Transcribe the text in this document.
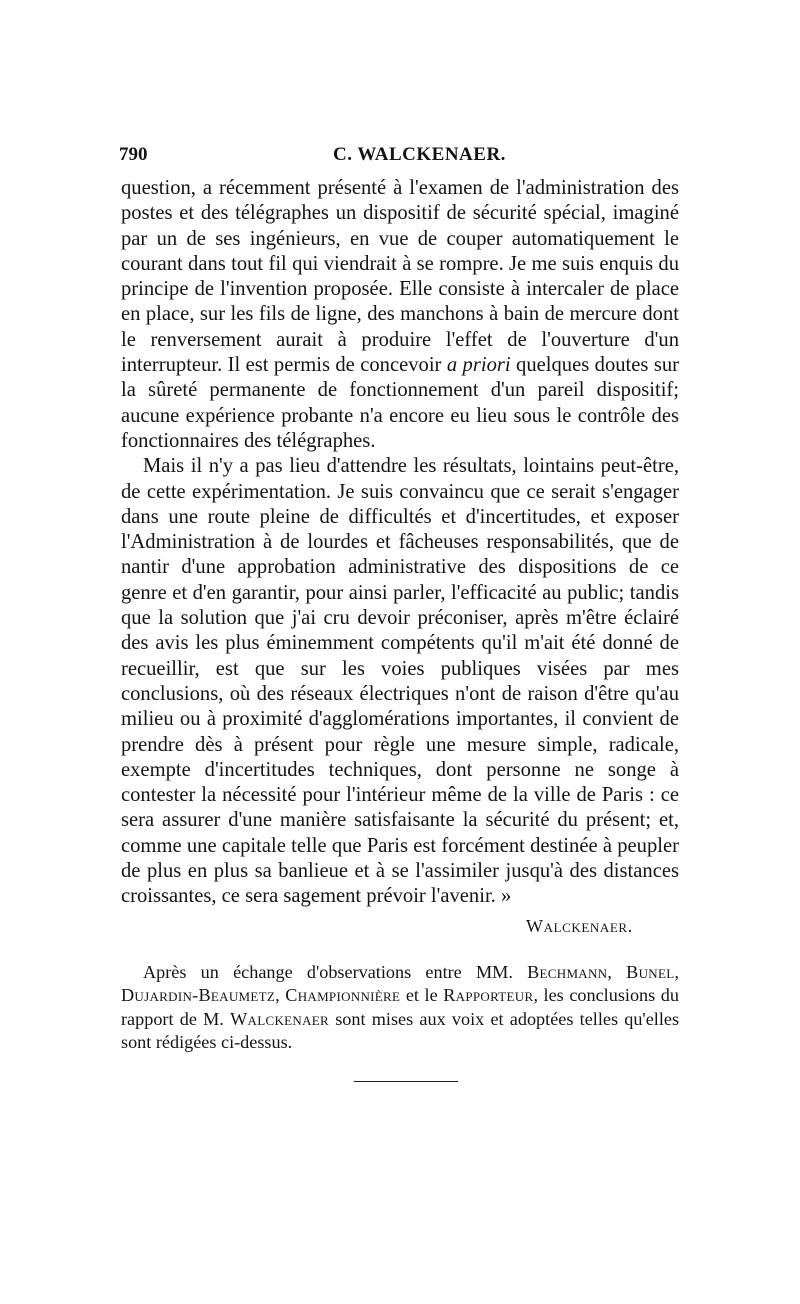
790	C. WALCKENAER.

question, a récemment présenté à l'examen de l'administration des postes et des télégraphes un dispositif de sécurité spécial, imaginé par un de ses ingénieurs, en vue de couper automatiquement le courant dans tout fil qui viendrait à se rompre. Je me suis enquis du principe de l'invention proposée. Elle consiste à intercaler de place en place, sur les fils de ligne, des manchons à bain de mercure dont le renversement aurait à produire l'effet de l'ouverture d'un interrupteur. Il est permis de concevoir a priori quelques doutes sur la sûreté permanente de fonctionnement d'un pareil dispositif; aucune expérience probante n'a encore eu lieu sous le contrôle des fonctionnaires des télégraphes.

Mais il n'y a pas lieu d'attendre les résultats, lointains peut-être, de cette expérimentation. Je suis convaincu que ce serait s'engager dans une route pleine de difficultés et d'incertitudes, et exposer l'Administration à de lourdes et fâcheuses responsabilités, que de nantir d'une approbation administrative des dispositions de ce genre et d'en garantir, pour ainsi parler, l'efficacité au public; tandis que la solution que j'ai cru devoir préconiser, après m'être éclairé des avis les plus éminemment compétents qu'il m'ait été donné de recueillir, est que sur les voies publiques visées par mes conclusions, où des réseaux électriques n'ont de raison d'être qu'au milieu ou à proximité d'agglomérations importantes, il convient de prendre dès à présent pour règle une mesure simple, radicale, exempte d'incertitudes techniques, dont personne ne songe à contester la nécessité pour l'intérieur même de la ville de Paris : ce sera assurer d'une manière satisfaisante la sécurité du présent; et, comme une capitale telle que Paris est forcément destinée à peupler de plus en plus sa banlieue et à se l'assimiler jusqu'à des distances croissantes, ce sera sagement prévoir l'avenir. »

Walckenaer.

Après un échange d'observations entre MM. Bechmann, Bunel, Dujardin-Beaumetz, Championnière et le Rapporteur, les conclusions du rapport de M. Walckenaer sont mises aux voix et adoptées telles qu'elles sont rédigées ci-dessus.
